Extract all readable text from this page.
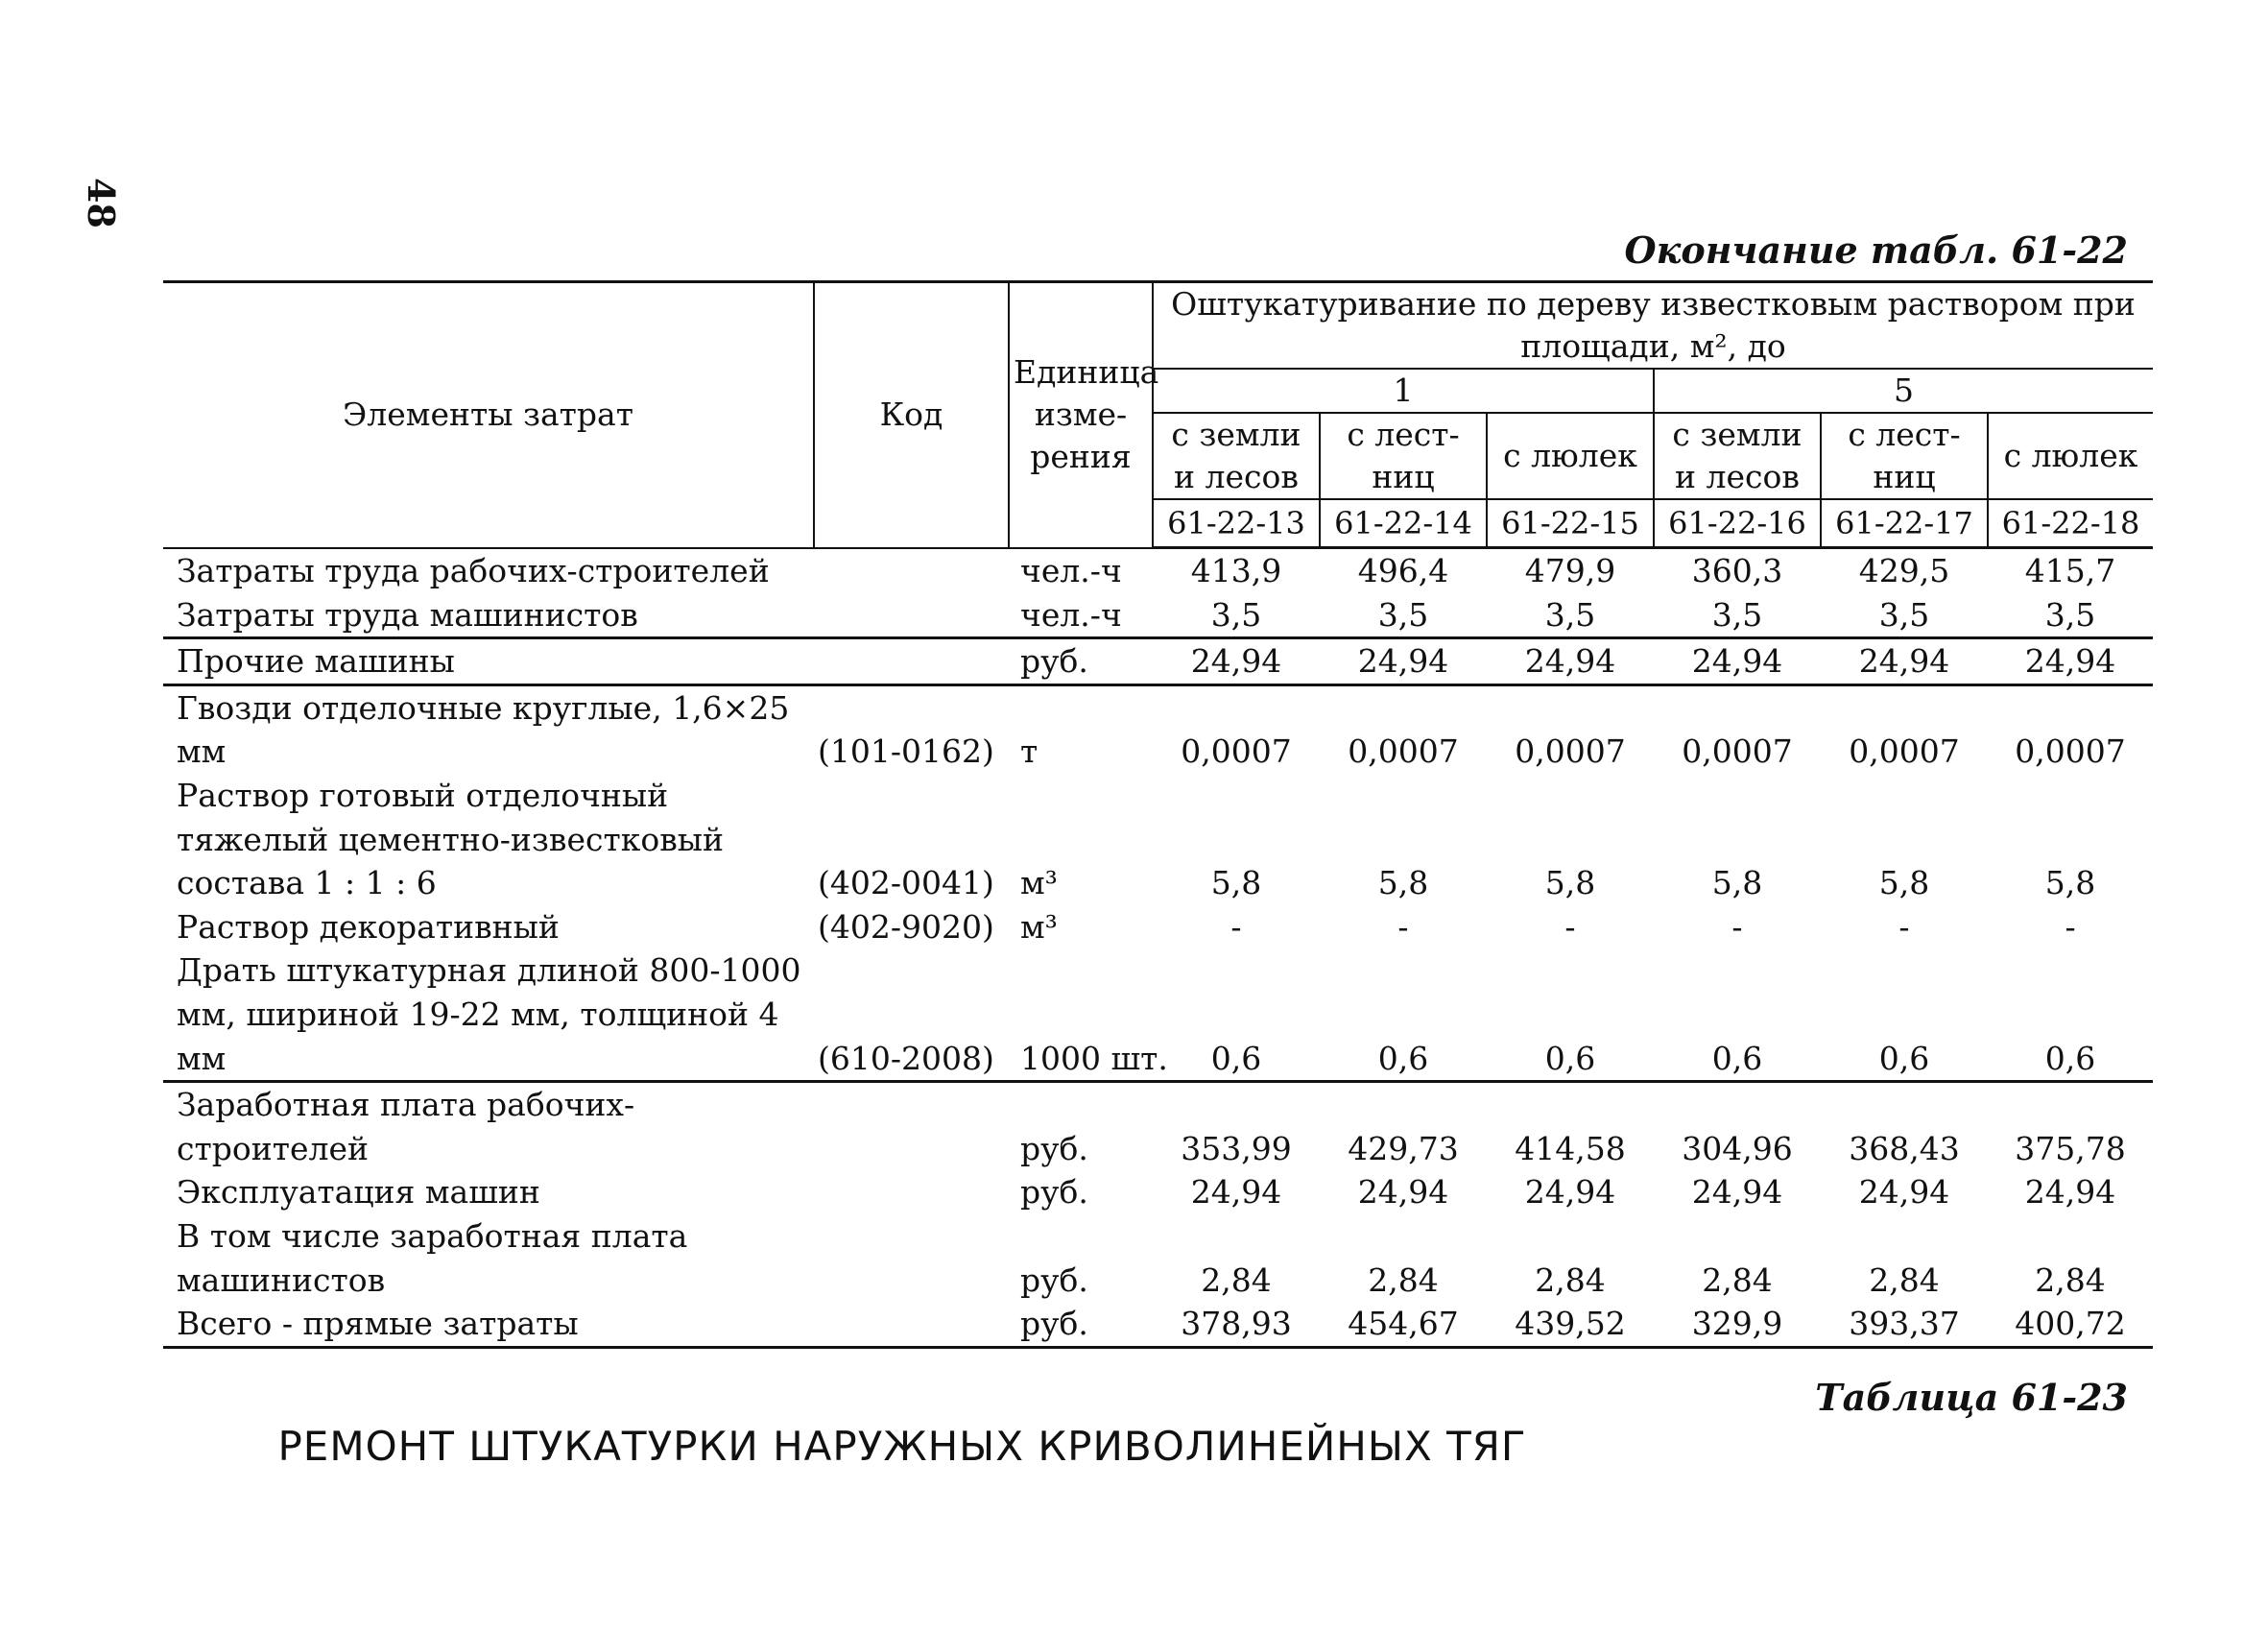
48
Окончание табл. 61-22
Элементы затрат	Код	Единица изме-рения	Оштукатуривание по дереву известковым раствором при площади, м², до					
			1			5		
			с земли и лесов	с лест-ниц	с люлек	с земли и лесов	с лест-ниц	с люлек
			61-22-13	61-22-14	61-22-15	61-22-16	61-22-17	61-22-18
Затраты труда рабочих-строителей		чел.-ч	413,9	496,4	479,9	360,3	429,5	415,7
Затраты труда машинистов		чел.-ч	3,5	3,5	3,5	3,5	3,5	3,5
Прочие машины		руб.	24,94	24,94	24,94	24,94	24,94	24,94
Гвозди отделочные круглые, 1,6×25 мм	(101-0162)	т	0,0007	0,0007	0,0007	0,0007	0,0007	0,0007
Раствор готовый отделочный тяжелый цементно-известковый состава 1 : 1 : 6	(402-0041)	м³	5,8	5,8	5,8	5,8	5,8	5,8
Раствор декоративный	(402-9020)	м³	-	-	-	-	-	-
Драть штукатурная длиной 800-1000 мм, шириной 19-22 мм, толщиной 4 мм	(610-2008)	1000 шт.	0,6	0,6	0,6	0,6	0,6	0,6
Заработная плата рабочих-строителей		руб.	353,99	429,73	414,58	304,96	368,43	375,78
Эксплуатация машин		руб.	24,94	24,94	24,94	24,94	24,94	24,94
В том числе заработная плата машинистов		руб.	2,84	2,84	2,84	2,84	2,84	2,84
Всего - прямые затраты		руб.	378,93	454,67	439,52	329,9	393,37	400,72
Таблица 61-23
РЕМОНТ ШТУКАТУРКИ НАРУЖНЫХ КРИВОЛИНЕЙНЫХ ТЯГ
